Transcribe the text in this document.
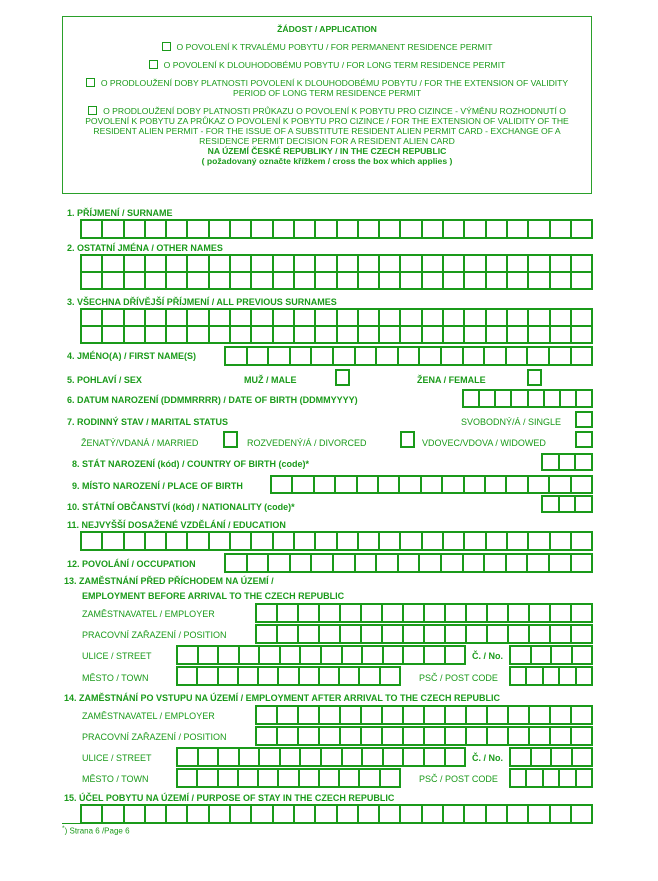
ŽÁDOST / APPLICATION
O POVOLENÍ K TRVALÉMU POBYTU / FOR PERMANENT RESIDENCE PERMIT
O POVOLENÍ K DLOUHODOBÉMU POBYTU / FOR LONG TERM RESIDENCE PERMIT
O PRODLOUŽENÍ DOBY PLATNOSTI POVOLENÍ K DLOUHODOBÉMU POBYTU / FOR THE EXTENSION OF VALIDITY
PERIOD OF LONG TERM RESIDENCE PERMIT
O PRODLOUŽENÍ DOBY PLATNOSTI PRŮKAZU O POVOLENÍ K POBYTU PRO CIZINCE - VÝMĚNU ROZHODNUTÍ O
POVOLENÍ K POBYTU ZA PRŮKAZ O POVOLENÍ K POBYTU PRO CIZINCE / FOR THE EXTENSION OF VALIDITY OF THE
RESIDENT ALIEN PERMIT - FOR THE ISSUE OF A SUBSTITUTE RESIDENT ALIEN PERMIT CARD - EXCHANGE OF A
RESIDENCE PERMIT DECISION FOR A RESIDENT ALIEN CARD
NA ÚZEMÍ ČESKÉ REPUBLIKY / IN THE CZECH REPUBLIC
( požadovaný označte křížkem / cross the box which applies )
1. PŘÍJMENÍ / SURNAME
2. OSTATNÍ JMÉNA / OTHER NAMES
3. VŠECHNA DŘÍVĚJŠÍ PŘÍJMENÍ / ALL PREVIOUS SURNAMES
4. JMÉNO(A) / FIRST NAME(S)
5. POHLAVÍ / SEX	MUŽ / MALE	ŽENA / FEMALE
6. DATUM NAROZENÍ (DDMMRRRR) / DATE OF BIRTH (DDMMYYYY)
7. RODINNÝ STAV / MARITAL STATUS	SVOBODNÝ/Á / SINGLE
ŽENATÝ/VDANÁ / MARRIED	ROZVEDENÝ/Á / DIVORCED	VDOVEC/VDOVA / WIDOWED
8. STÁT NAROZENÍ (kód) / COUNTRY OF BIRTH (code)*
9. MÍSTO NAROZENÍ / PLACE OF BIRTH
10. STÁTNÍ OBČANSTVÍ (kód) / NATIONALITY (code)*
11. NEJVYŠŠÍ DOSAŽENÉ VZDĚLÁNÍ / EDUCATION
12. POVOLÁNÍ / OCCUPATION
13. ZAMĚSTNÁNÍ PŘED PŘÍCHODEM NA ÚZEMÍ /
EMPLOYMENT BEFORE ARRIVAL TO THE CZECH REPUBLIC
ZAMĚSTNAVATEL / EMPLOYER
PRACOVNÍ ZAŘAZENÍ / POSITION
ULICE / STREET	Č. / No.
MĚSTO / TOWN	PSČ / POST CODE
14. ZAMĚSTNÁNÍ PO VSTUPU NA ÚZEMÍ / EMPLOYMENT AFTER ARRIVAL TO THE CZECH REPUBLIC
ZAMĚSTNAVATEL / EMPLOYER
PRACOVNÍ ZAŘAZENÍ / POSITION
ULICE / STREET	Č. / No.
MĚSTO / TOWN	PSČ / POST CODE
15. ÚČEL POBYTU NA ÚZEMÍ / PURPOSE OF STAY IN THE CZECH REPUBLIC
*) Strana 6 /Page 6
